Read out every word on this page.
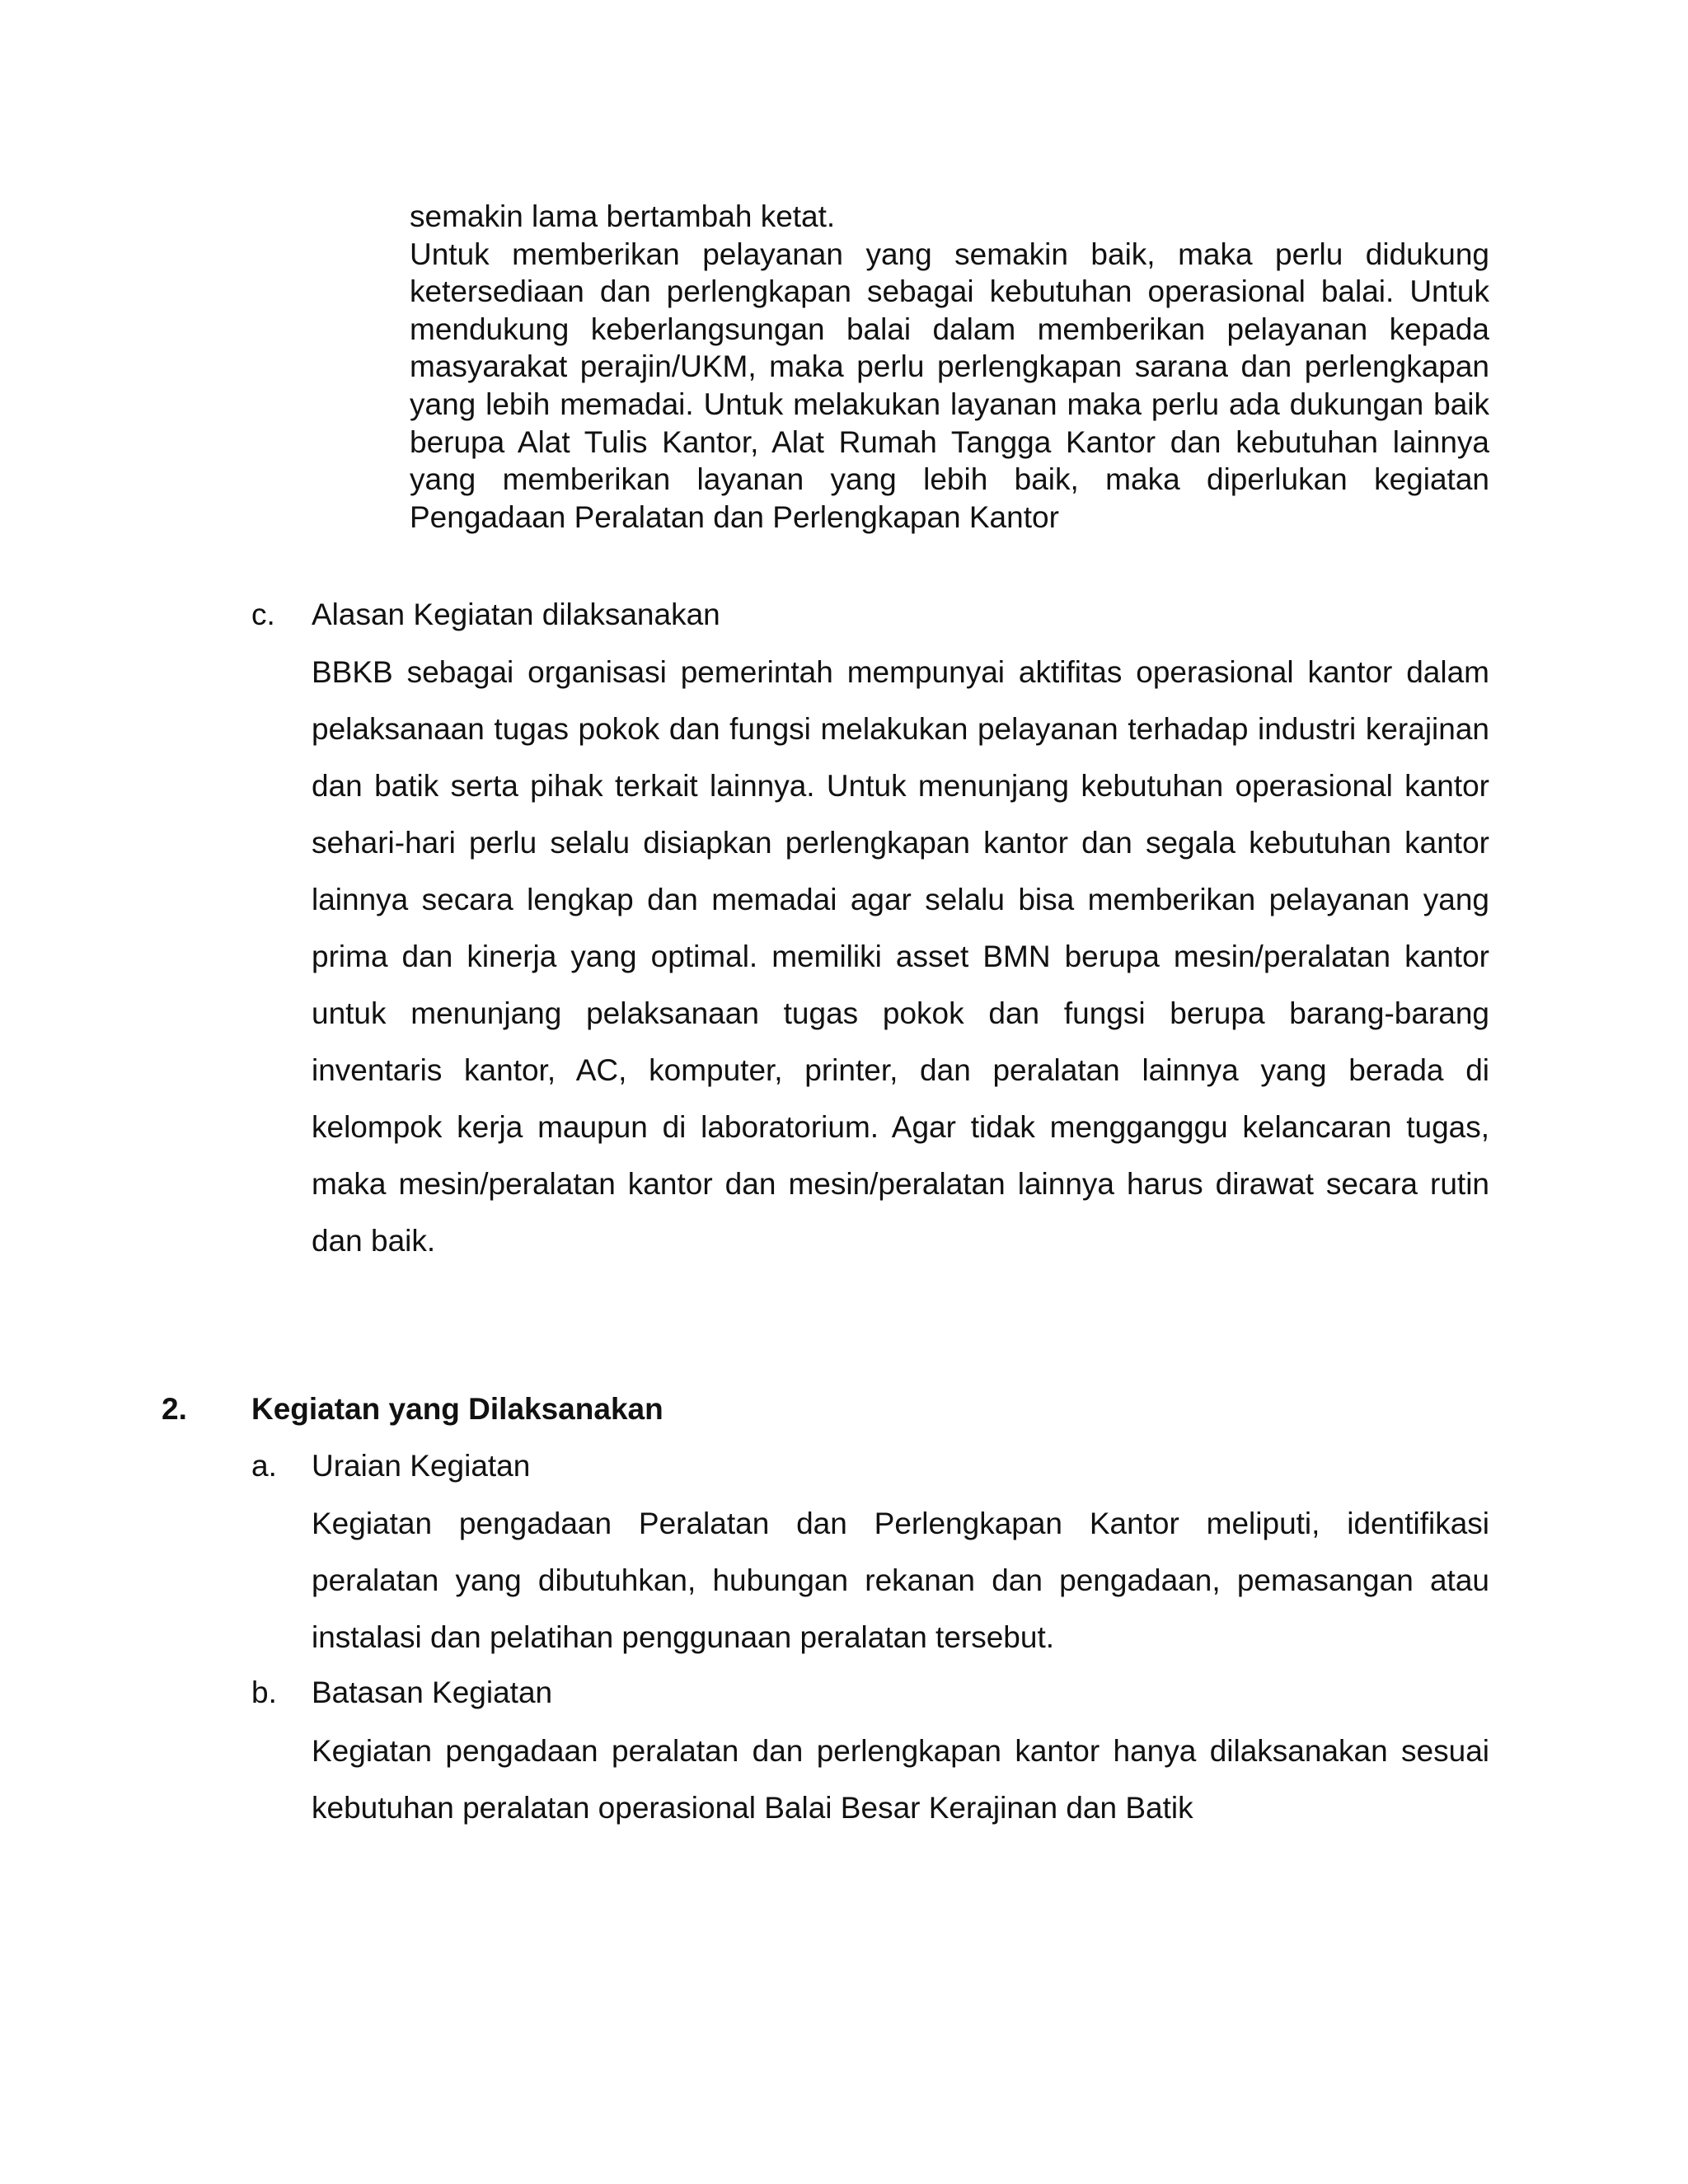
semakin lama bertambah ketat.

Untuk memberikan pelayanan yang semakin baik, maka perlu didukung ketersediaan dan perlengkapan sebagai kebutuhan operasional balai. Untuk mendukung keberlangsungan balai dalam memberikan pelayanan kepada masyarakat perajin/UKM, maka perlu perlengkapan sarana dan perlengkapan yang lebih memadai. Untuk melakukan layanan maka perlu ada dukungan baik berupa Alat Tulis Kantor, Alat Rumah Tangga Kantor dan kebutuhan lainnya yang memberikan layanan yang lebih baik, maka diperlukan kegiatan Pengadaan Peralatan dan Perlengkapan Kantor

c. Alasan Kegiatan dilaksanakan

BBKB sebagai organisasi pemerintah mempunyai aktifitas operasional kantor dalam pelaksanaan tugas pokok dan fungsi melakukan pelayanan terhadap industri kerajinan dan batik serta pihak terkait lainnya. Untuk menunjang kebutuhan operasional kantor sehari-hari perlu selalu disiapkan perlengkapan kantor dan segala kebutuhan kantor lainnya secara lengkap dan memadai agar selalu bisa memberikan pelayanan yang prima dan kinerja yang optimal. memiliki asset BMN berupa mesin/peralatan kantor untuk menunjang pelaksanaan tugas pokok dan fungsi berupa barang-barang inventaris kantor, AC, komputer, printer, dan peralatan lainnya yang berada di kelompok kerja maupun di laboratorium. Agar tidak mengganggu kelancaran tugas, maka mesin/peralatan kantor dan mesin/peralatan lainnya harus dirawat secara rutin dan baik.

2. Kegiatan yang Dilaksanakan
a. Uraian Kegiatan

Kegiatan pengadaan Peralatan dan Perlengkapan Kantor meliputi, identifikasi peralatan yang dibutuhkan, hubungan rekanan dan pengadaan, pemasangan atau instalasi dan pelatihan penggunaan peralatan tersebut.

b. Batasan Kegiatan

Kegiatan pengadaan peralatan dan perlengkapan kantor hanya dilaksanakan sesuai kebutuhan peralatan operasional Balai Besar Kerajinan dan Batik
